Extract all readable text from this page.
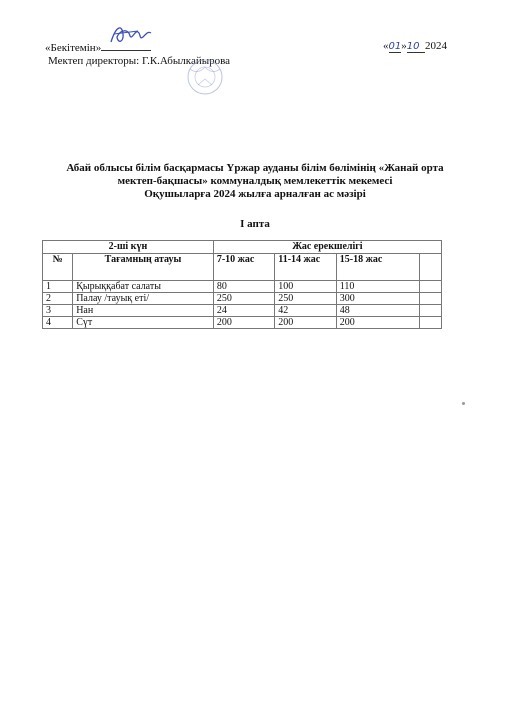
«Бекітемін»
Мектеп директоры: Г.К.Абылкайырова
«01»10 2024
Абай облысы білім басқармасы Үржар ауданы білім бөлімінің «Жанай орта
мектеп-бақшасы» коммуналдық мемлекеттік мекемесі
Оқушыларға 2024 жылға арналған ас мәзірі
І апта
2-ші күн		Жас ерекшелігі			
№	Тағамның атауы	7-10 жас	11-14 жас	15-18 жас	
1	Қырыққабат салаты	80	100	110	
2	Палау /тауық еті/	250	250	300	
3	Нан	24	42	48	
4	Сүт	200	200	200	
